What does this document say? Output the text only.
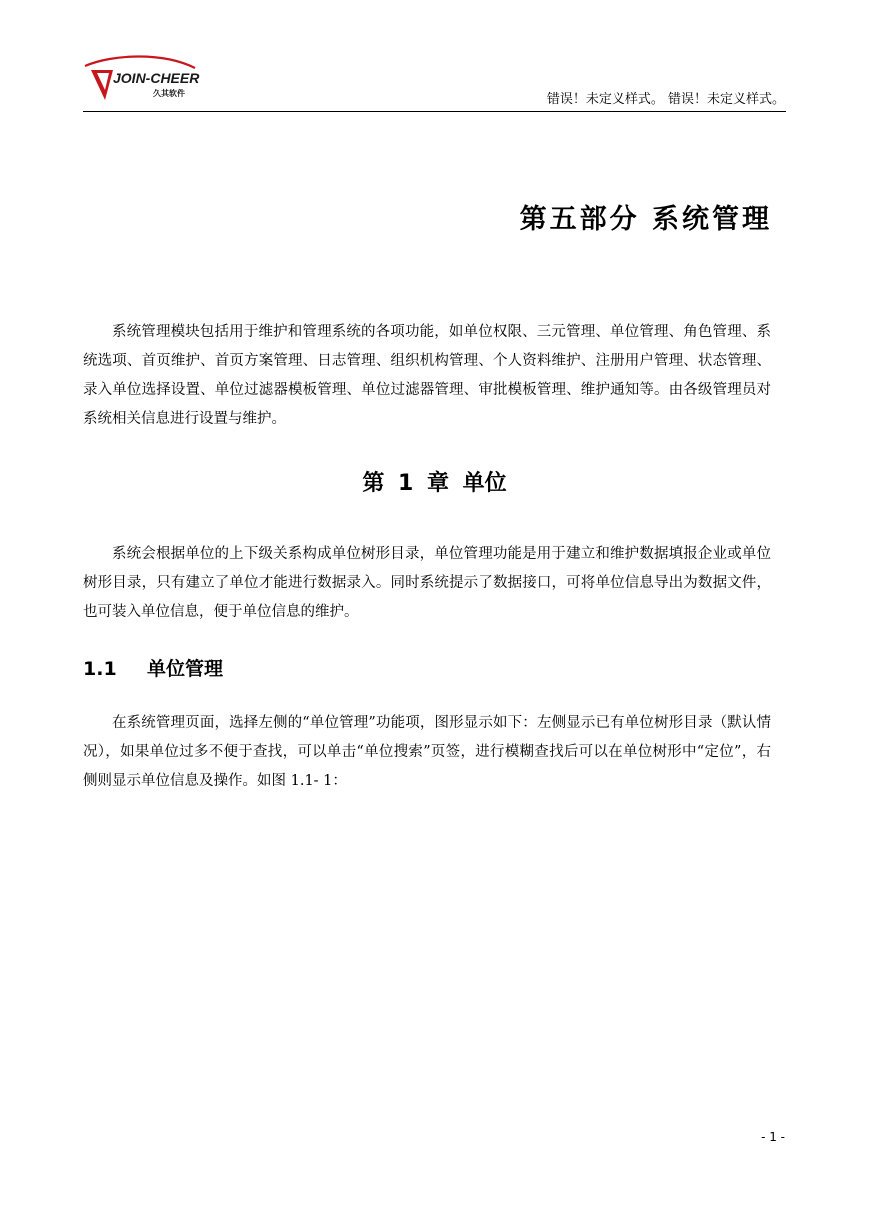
JOIN-CHEER
久其软件	错误！未定义样式。 错误！未定义样式。
第五部分 系统管理

系统管理模块包括用于维护和管理系统的各项功能，如单位权限、三元管理、单位管理、角色管理、系统选项、首页维护、首页方案管理、日志管理、组织机构管理、个人资料维护、注册用户管理、状态管理、录入单位选择设置、单位过滤器模板管理、单位过滤器管理、审批模板管理、维护通知等。由各级管理员对系统相关信息进行设置与维护。

第 1 章 单位

系统会根据单位的上下级关系构成单位树形目录，单位管理功能是用于建立和维护数据填报企业或单位树形目录，只有建立了单位才能进行数据录入。同时系统提示了数据接口，可将单位信息导出为数据文件，也可装入单位信息，便于单位信息的维护。

1.1 单位管理

在系统管理页面，选择左侧的“单位管理”功能项，图形显示如下：左侧显示已有单位树形目录（默认情况），如果单位过多不便于查找，可以单击“单位搜索”页签，进行模糊查找后可以在单位树形中“定位”，右侧则显示单位信息及操作。如图 1.1- 1：

- 1 -
